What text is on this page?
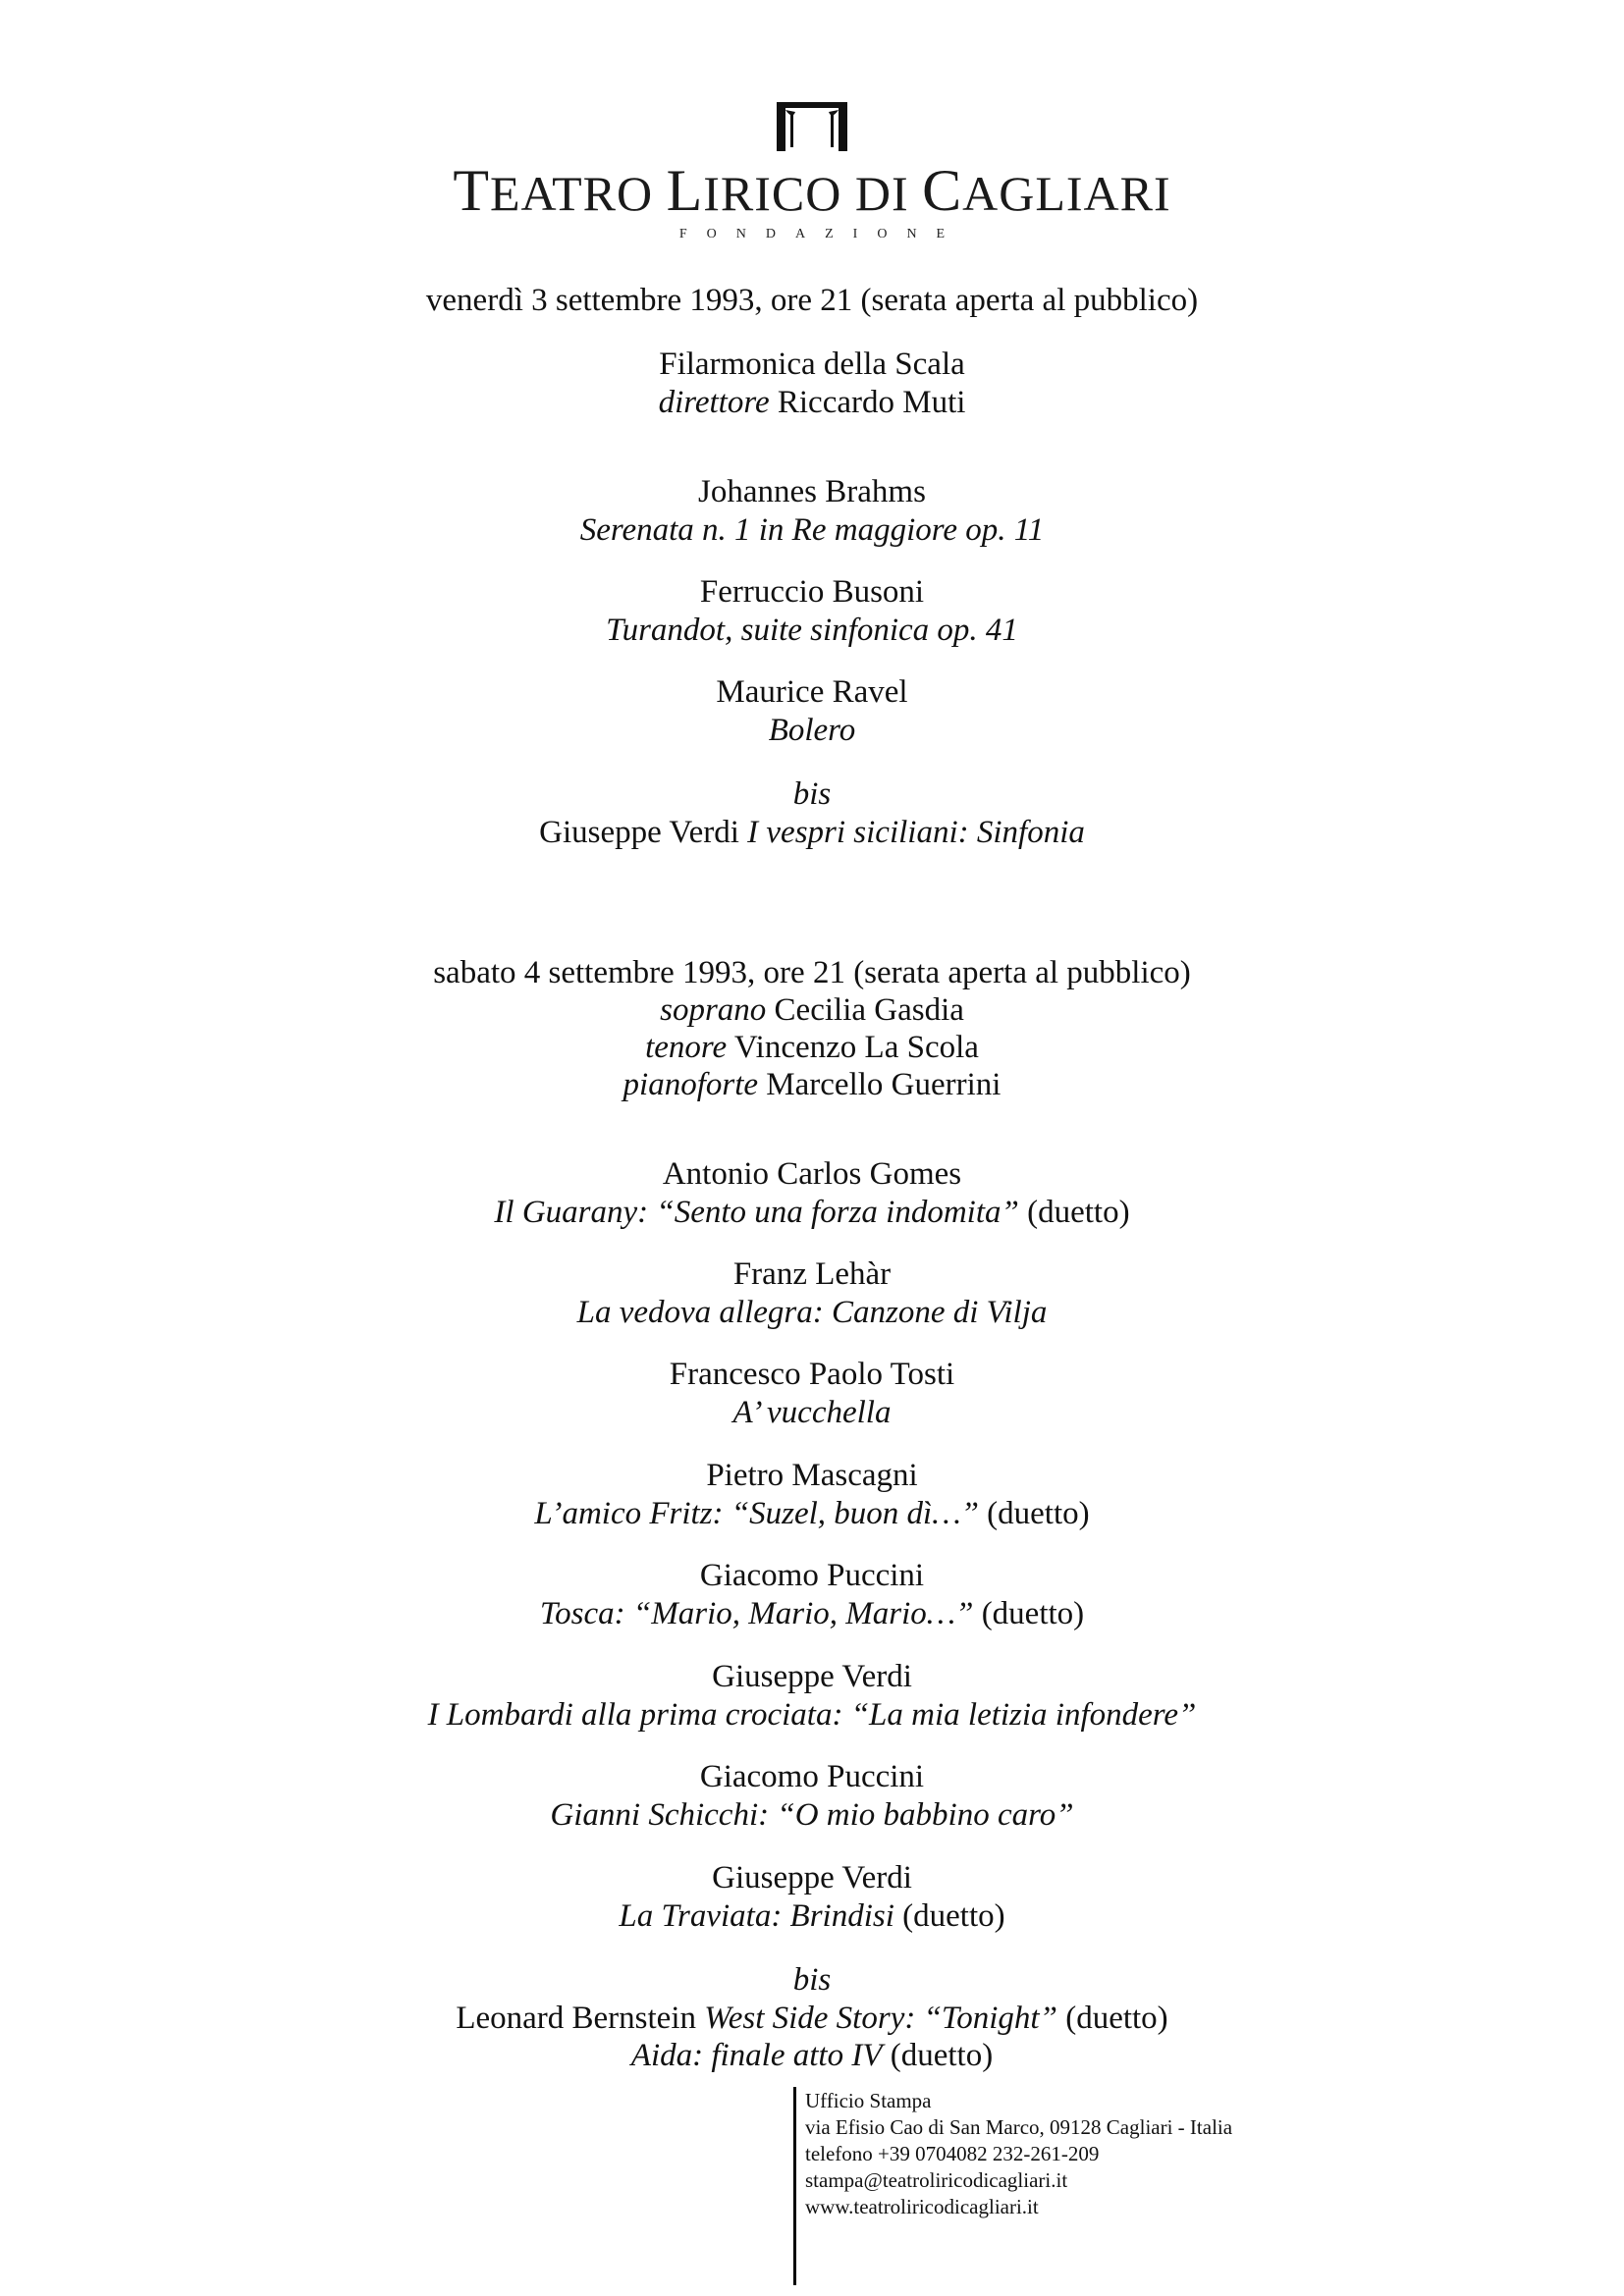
TEATRO LIRICO DI CAGLIARI
FONDAZIONE
venerdì 3 settembre 1993, ore 21 (serata aperta al pubblico)
Filarmonica della Scala
direttore Riccardo Muti
Johannes Brahms
Serenata n. 1 in Re maggiore op. 11
Ferruccio Busoni
Turandot, suite sinfonica op. 41
Maurice Ravel
Bolero
bis
Giuseppe Verdi I vespri siciliani: Sinfonia
sabato 4 settembre 1993, ore 21 (serata aperta al pubblico)
soprano Cecilia Gasdia
tenore Vincenzo La Scola
pianoforte Marcello Guerrini
Antonio Carlos Gomes
Il Guarany: “Sento una forza indomita” (duetto)
Franz Lehàr
La vedova allegra: Canzone di Vilja
Francesco Paolo Tosti
A’ vucchella
Pietro Mascagni
L’amico Fritz: “Suzel, buon dì…” (duetto)
Giacomo Puccini
Tosca: “Mario, Mario, Mario…” (duetto)
Giuseppe Verdi
I Lombardi alla prima crociata: “La mia letizia infondere”
Giacomo Puccini
Gianni Schicchi: “O mio babbino caro”
Giuseppe Verdi
La Traviata: Brindisi (duetto)
bis
Leonard Bernstein West Side Story: “Tonight” (duetto)
Aida: finale atto IV (duetto)
Ufficio Stampa
via Efisio Cao di San Marco, 09128 Cagliari - Italia
telefono +39 0704082 232-261-209
stampa@teatroliricodicagliari.it
www.teatroliricodicagliari.it
